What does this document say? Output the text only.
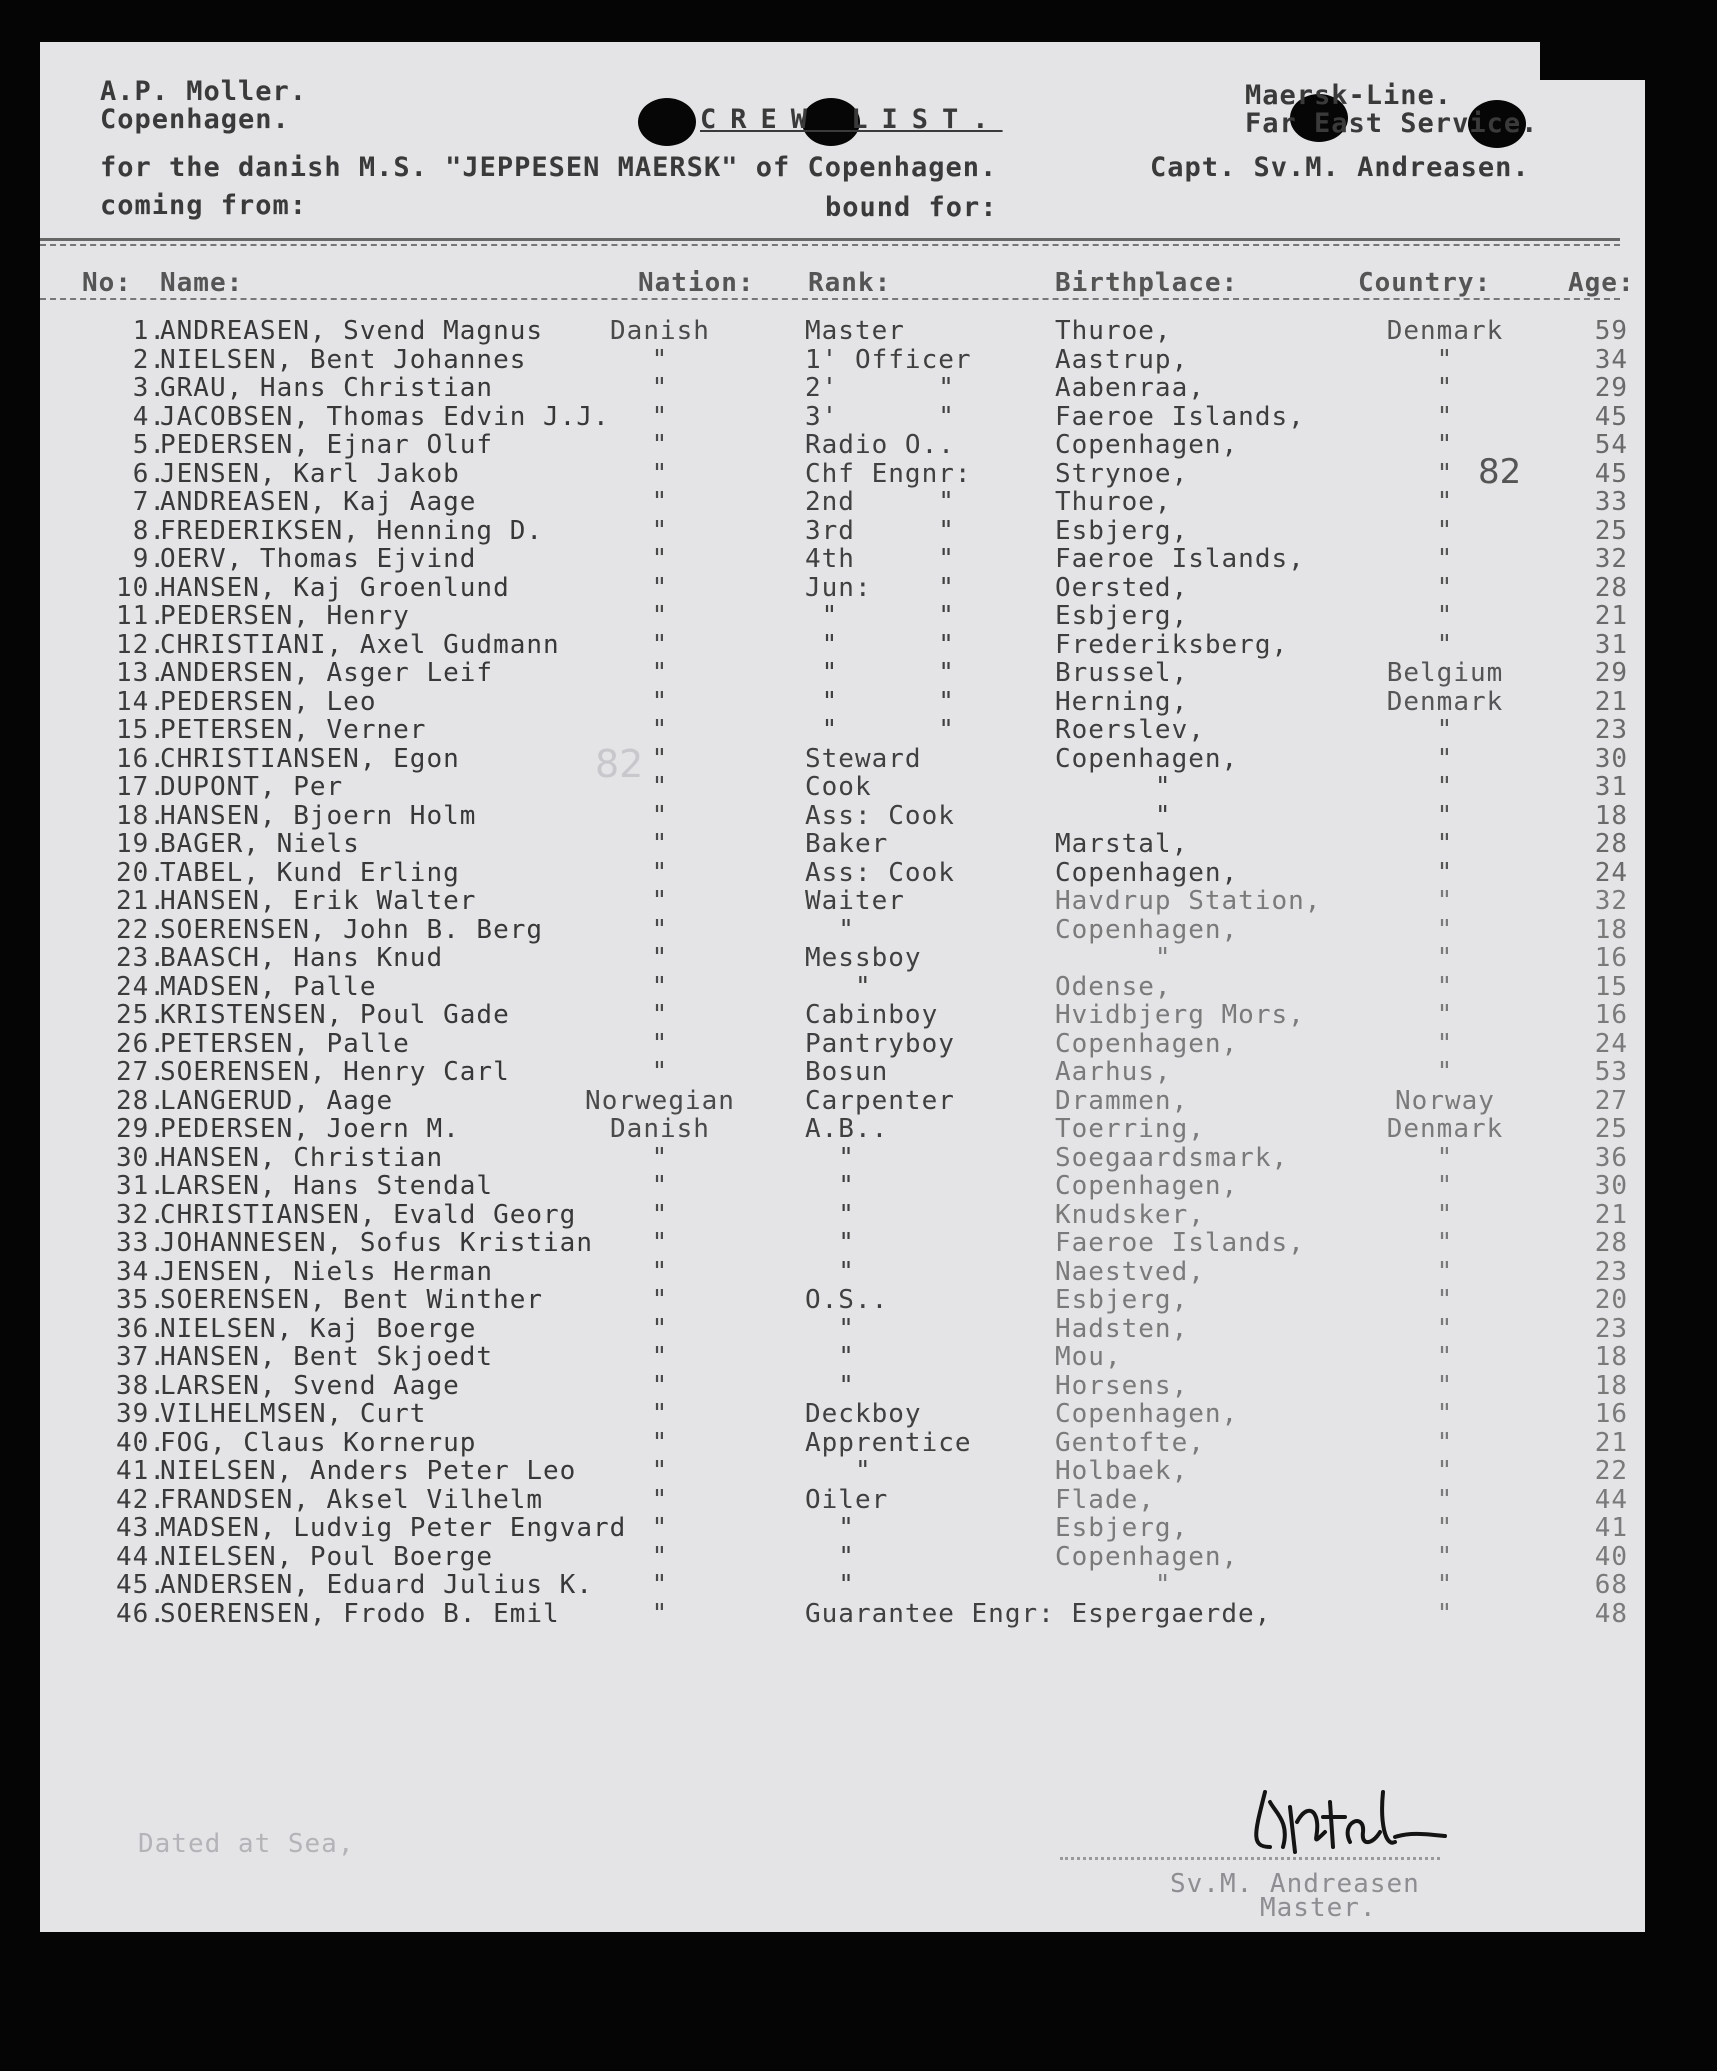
A.P. Moller.
Copenhagen.	CREW LIST.
Maersk-Line.
Far East Service.
for the danish M.S. "JEPPESEN MAERSK" of Copenhagen.	Capt. Sv.M. Andreasen.
coming from:	bound for:
No: Name:	Nation: Rank:	Birthplace:	Country:	Age:
1.
ANDREASEN, Svend Magnus	Danish	Master	Thuroe,	Denmark	59
2.
NIELSEN, Bent Johannes	"	1' Officer	Aastrup,	"	34
3.
GRAU, Hans Christian	"	2'      "	Aabenraa,	"	29
4.
JACOBSEN, Thomas Edvin J.J.	"	3'      "	Faeroe Islands,	"	45
5.
PEDERSEN, Ejnar Oluf	"	Radio O..	Copenhagen,	"	54
6.
JENSEN, Karl Jakob	"	Chf Engnr:	Strynoe,	"	45
7.
ANDREASEN, Kaj Aage	"	2nd     "	Thuroe,	"	33
8.
FREDERIKSEN, Henning D.	"	3rd     "	Esbjerg,	"	25
9.
OERV, Thomas Ejvind	"	4th     "	Faeroe Islands,	"	32
10.
HANSEN, Kaj Groenlund	"	Jun:    "	Oersted,	"	28
11.
PEDERSEN, Henry	"	"      "	Esbjerg,	"	21
12.
CHRISTIANI, Axel Gudmann	"	"      "	Frederiksberg,	"	31
13.
ANDERSEN, Asger Leif	"	"      "	Brussel,	Belgium	29
14.
PEDERSEN, Leo	"	"      "	Herning,	Denmark	21
15.
PETERSEN, Verner	"	"      "	Roerslev,	"	23
16.
CHRISTIANSEN, Egon	"	Steward	Copenhagen,	"	30
17.
DUPONT, Per	"	Cook	"	"	31
18.
HANSEN, Bjoern Holm	"	Ass: Cook	"	"	18
19.
BAGER, Niels	"	Baker	Marstal,	"	28
20.
TABEL, Kund Erling	"	Ass: Cook	Copenhagen,	"	24
21.
HANSEN, Erik Walter	"	Waiter	Havdrup Station,	"	32
22.
SOERENSEN, John B. Berg	"	"	Copenhagen,	"	18
23.
BAASCH, Hans Knud	"	Messboy	"	"	16
24.
MADSEN, Palle	"	"	Odense,	"	15
25.
KRISTENSEN, Poul Gade	"	Cabinboy	Hvidbjerg Mors,	"	16
26.
PETERSEN, Palle	"	Pantryboy	Copenhagen,	"	24
27.
SOERENSEN, Henry Carl	"	Bosun	Aarhus,	"	53
28.
LANGERUD, Aage	Norwegian	Carpenter	Drammen,	Norway	27
29.
PEDERSEN, Joern M.	Danish	A.B..	Toerring,	Denmark	25
30.
HANSEN, Christian	"	"	Soegaardsmark,	"	36
31.
LARSEN, Hans Stendal	"	"	Copenhagen,	"	30
32.
CHRISTIANSEN, Evald Georg	"	"	Knudsker,	"	21
33.
JOHANNESEN, Sofus Kristian	"	"	Faeroe Islands,	"	28
34.
JENSEN, Niels Herman	"	"	Naestved,	"	23
35.
SOERENSEN, Bent Winther	"	O.S..	Esbjerg,	"	20
36.
NIELSEN, Kaj Boerge	"	"	Hadsten,	"	23
37.
HANSEN, Bent Skjoedt	"	"	Mou,	"	18
38.
LARSEN, Svend Aage	"	"	Horsens,	"	18
39.
VILHELMSEN, Curt	"	Deckboy	Copenhagen,	"	16
40.
FOG, Claus Kornerup	"	Apprentice	Gentofte,	"	21
41.
NIELSEN, Anders Peter Leo	"	"	Holbaek,	"	22
42.
FRANDSEN, Aksel Vilhelm	"	Oiler	Flade,	"	44
43.
MADSEN, Ludvig Peter Engvard "	"	Esbjerg,	"	41
44.
NIELSEN, Poul Boerge	"	"	Copenhagen,	"	40
45.
ANDERSEN, Eduard Julius K.	"	"	"	"	68
46.
SOERENSEN, Frodo B. Emil	"	Guarantee Engr: Espergaerde,	"	48
82
82
Dated at Sea,
Sv.M. Andreasen
Master.
